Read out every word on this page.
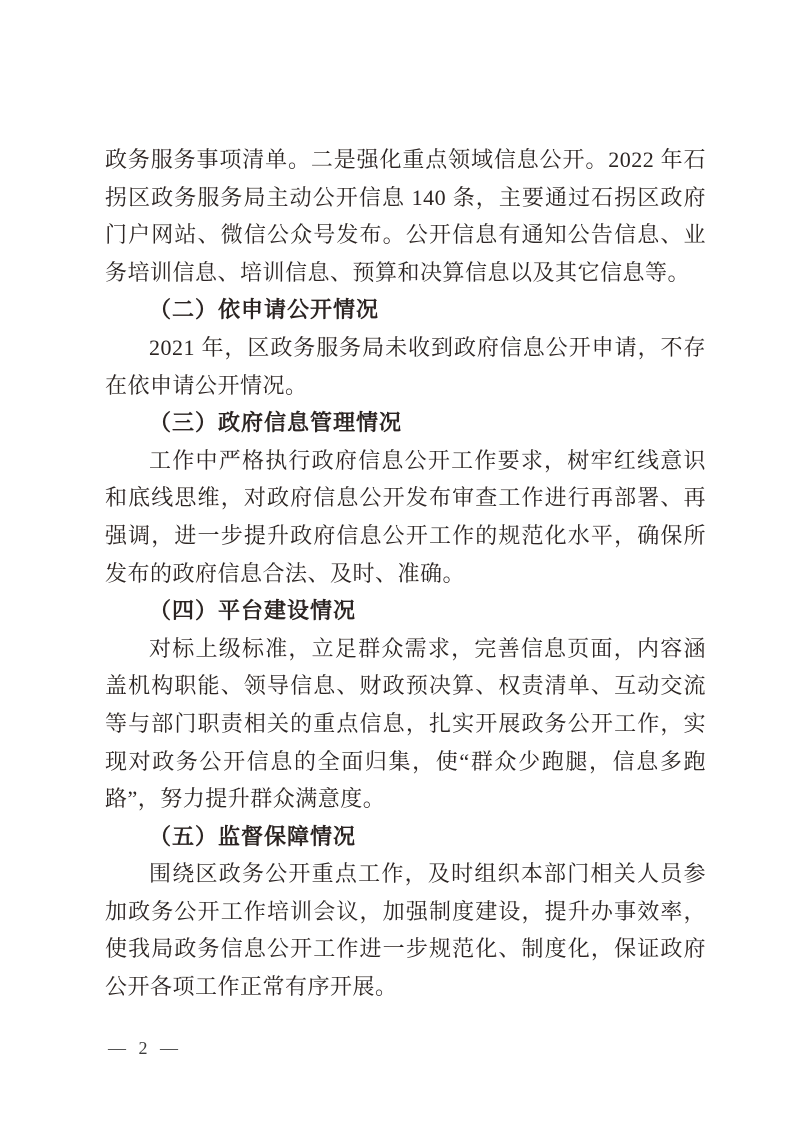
政务服务事项清单。二是强化重点领域信息公开。2022 年石拐区政务服务局主动公开信息 140 条，主要通过石拐区政府门户网站、微信公众号发布。公开信息有通知公告信息、业务培训信息、培训信息、预算和决算信息以及其它信息等。

（二）依申请公开情况

2021 年，区政务服务局未收到政府信息公开申请，不存在依申请公开情况。

（三）政府信息管理情况

工作中严格执行政府信息公开工作要求，树牢红线意识和底线思维，对政府信息公开发布审查工作进行再部署、再强调，进一步提升政府信息公开工作的规范化水平，确保所发布的政府信息合法、及时、准确。

（四）平台建设情况

对标上级标准，立足群众需求，完善信息页面，内容涵盖机构职能、领导信息、财政预决算、权责清单、互动交流等与部门职责相关的重点信息，扎实开展政务公开工作，实现对政务公开信息的全面归集，使“群众少跑腿，信息多跑路”，努力提升群众满意度。

（五）监督保障情况

围绕区政务公开重点工作，及时组织本部门相关人员参加政务公开工作培训会议，加强制度建设，提升办事效率，使我局政务信息公开工作进一步规范化、制度化，保证政府公开各项工作正常有序开展。

— 2 —
